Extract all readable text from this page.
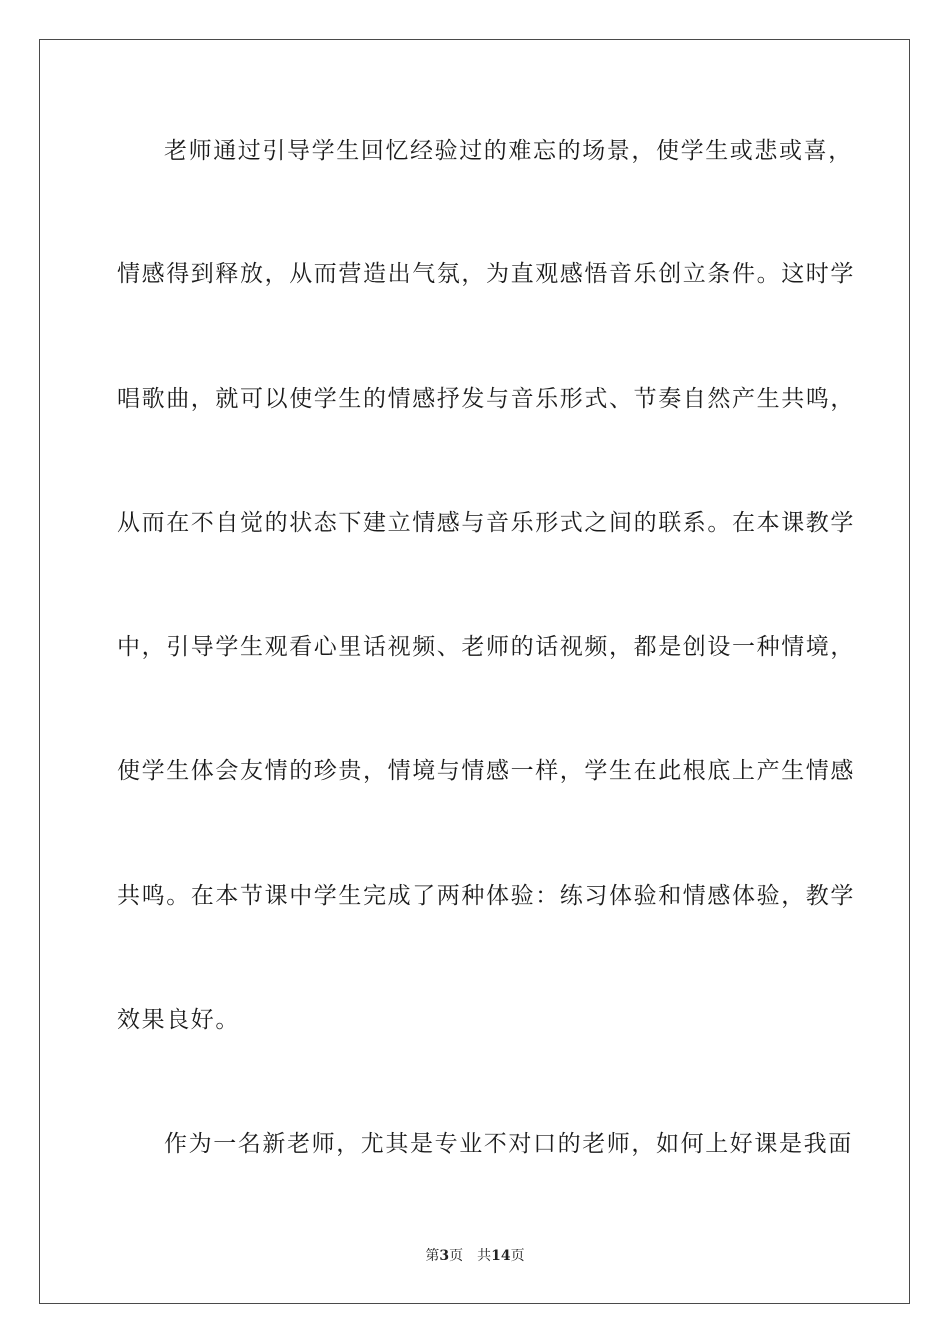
老师通过引导学生回忆经验过的难忘的场景，使学生或悲或喜，
情感得到释放，从而营造出气氛，为直观感悟音乐创立条件。这时学
唱歌曲，就可以使学生的情感抒发与音乐形式、节奏自然产生共鸣，
从而在不自觉的状态下建立情感与音乐形式之间的联系。在本课教学
中，引导学生观看心里话视频、老师的话视频，都是创设一种情境，
使学生体会友情的珍贵，情境与情感一样，学生在此根底上产生情感
共鸣。在本节课中学生完成了两种体验：练习体验和情感体验，教学
效果良好。
作为一名新老师，尤其是专业不对口的老师，如何上好课是我面
第3页 共14页
